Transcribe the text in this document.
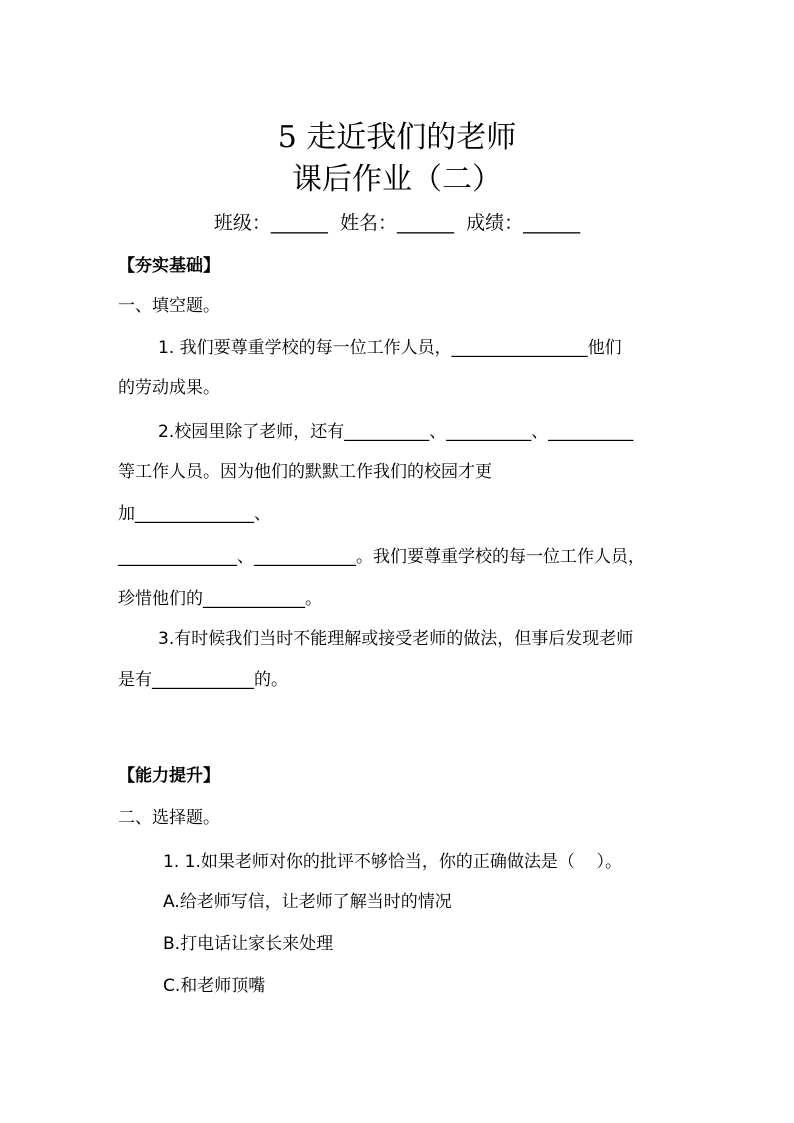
5 走近我们的老师
课后作业（二）
班级：______  姓名：______  成绩：______
【夯实基础】
一、填空题。
1. 我们要尊重学校的每一位工作人员，________________他们
的劳动成果。
2.校园里除了老师，还有__________、__________、__________
等工作人员。因为他们的默默工作我们的校园才更
加______________、
______________、____________。我们要尊重学校的每一位工作人员，
珍惜他们的____________。
3.有时候我们当时不能理解或接受老师的做法，但事后发现老师
是有____________的。
【能力提升】
二、选择题。
1. 1.如果老师对你的批评不够恰当，你的正确做法是（    ）。
A.给老师写信，让老师了解当时的情况
B.打电话让家长来处理
C.和老师顶嘴
